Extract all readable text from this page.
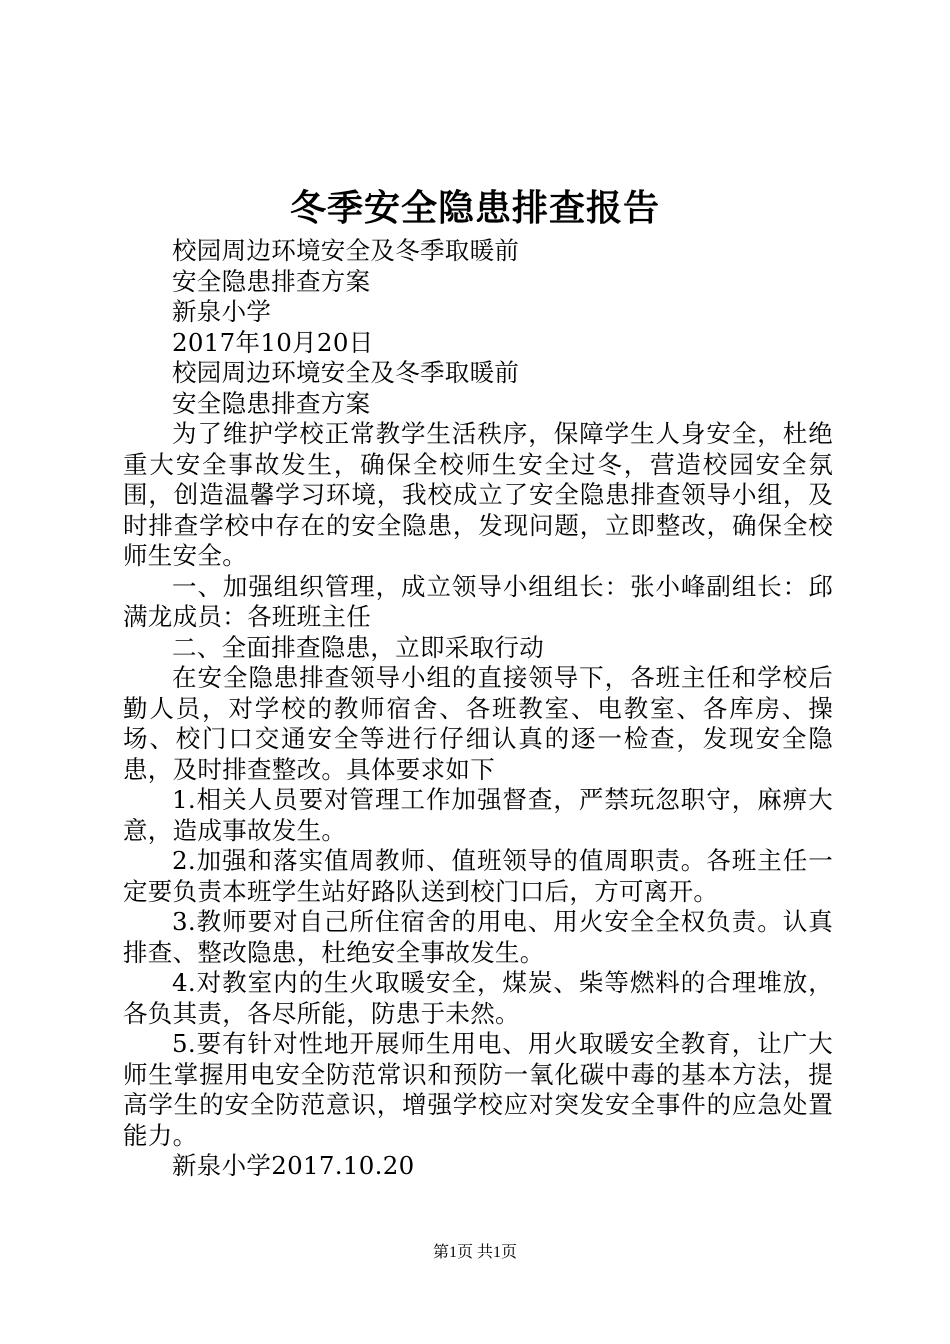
冬季安全隐患排查报告

校园周边环境安全及冬季取暖前

安全隐患排查方案

新泉小学

2017年10月20日

校园周边环境安全及冬季取暖前

安全隐患排查方案

为了维护学校正常教学生活秩序，保障学生人身安全，杜绝重大安全事故发生，确保全校师生安全过冬，营造校园安全氛围，创造温馨学习环境，我校成立了安全隐患排查领导小组，及时排查学校中存在的安全隐患，发现问题，立即整改，确保全校师生安全。

一、加强组织管理，成立领导小组组长：张小峰副组长：邱满龙成员：各班班主任

二、全面排查隐患，立即采取行动

在安全隐患排查领导小组的直接领导下，各班主任和学校后勤人员，对学校的教师宿舍、各班教室、电教室、各库房、操场、校门口交通安全等进行仔细认真的逐一检查，发现安全隐患，及时排查整改。具体要求如下

1.相关人员要对管理工作加强督查，严禁玩忽职守，麻痹大意，造成事故发生。

2.加强和落实值周教师、值班领导的值周职责。各班主任一定要负责本班学生站好路队送到校门口后，方可离开。

3.教师要对自己所住宿舍的用电、用火安全全权负责。认真排查、整改隐患，杜绝安全事故发生。

4.对教室内的生火取暖安全，煤炭、柴等燃料的合理堆放，各负其责，各尽所能，防患于未然。

5.要有针对性地开展师生用电、用火取暖安全教育，让广大师生掌握用电安全防范常识和预防一氧化碳中毒的基本方法，提高学生的安全防范意识，增强学校应对突发安全事件的应急处置能力。

新泉小学2017.10.20

第1页 共1页
